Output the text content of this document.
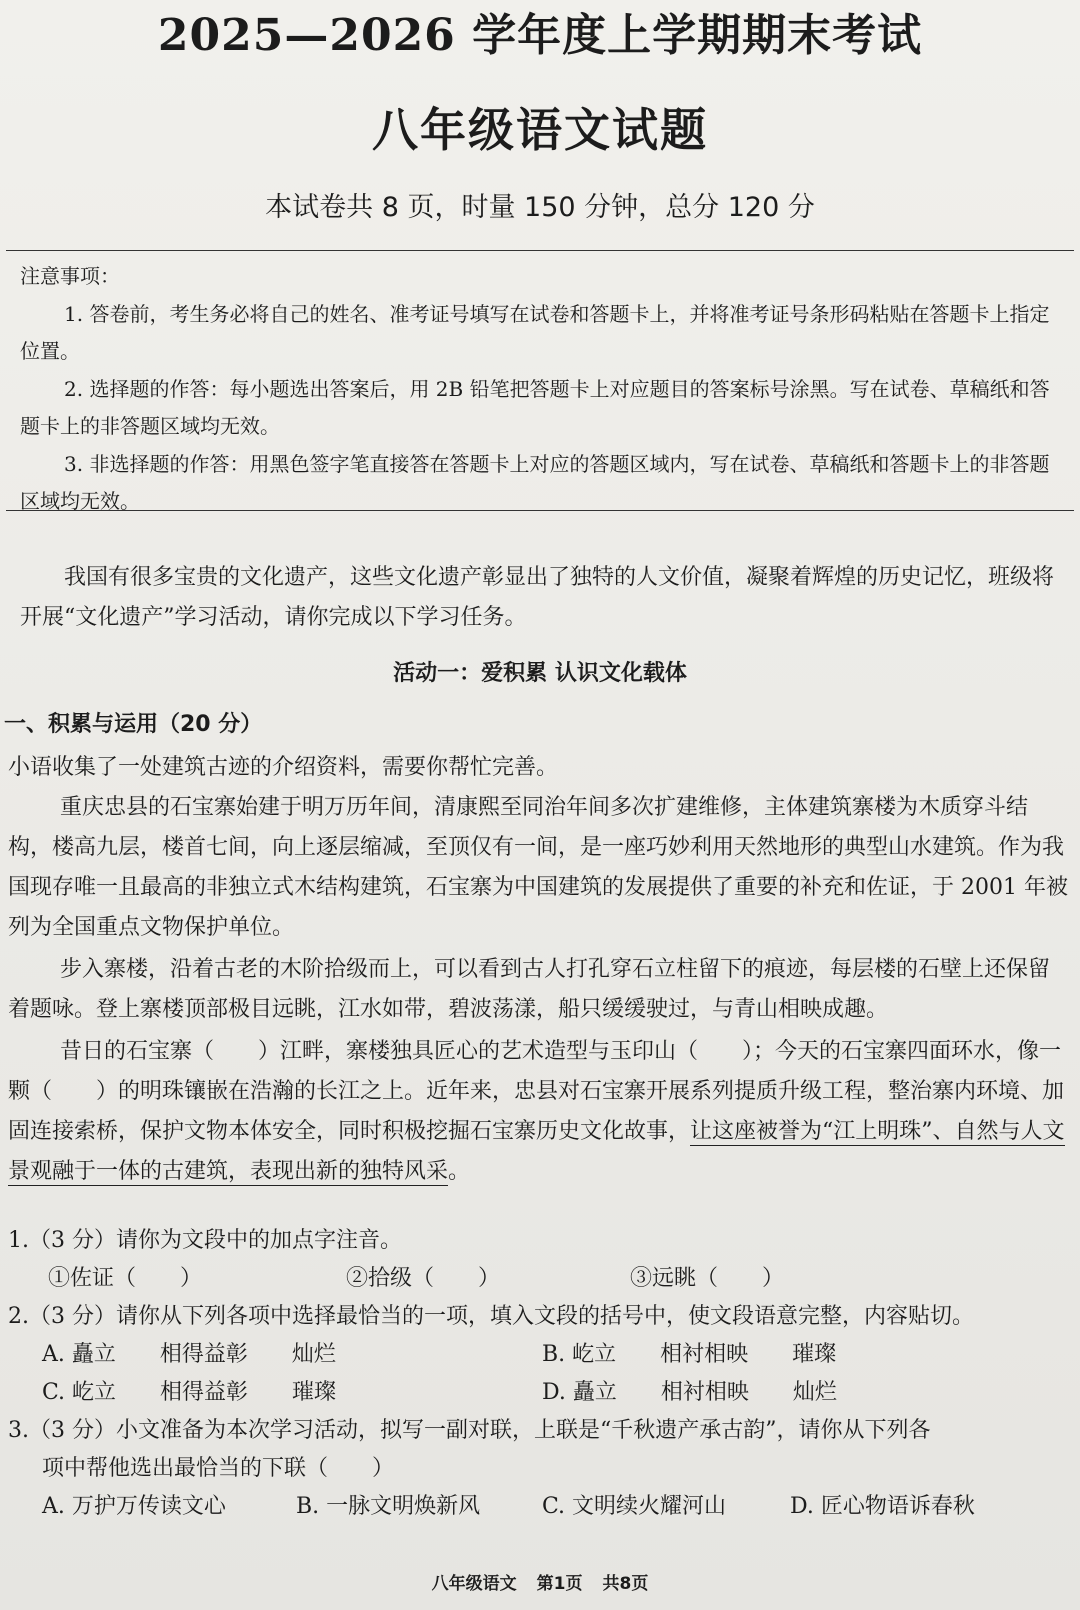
2025—2026 学年度上学期期末考试
八年级语文试题
本试卷共 8 页，时量 150 分钟，总分 120 分

注意事项：

1. 答卷前，考生务必将自己的姓名、准考证号填写在试卷和答题卡上，并将准考证号条形码粘贴在答题卡上指定位置。

2. 选择题的作答：每小题选出答案后，用 2B 铅笔把答题卡上对应题目的答案标号涂黑。写在试卷、草稿纸和答题卡上的非答题区域均无效。

3. 非选择题的作答：用黑色签字笔直接答在答题卡上对应的答题区域内，写在试卷、草稿纸和答题卡上的非答题区域均无效。

我国有很多宝贵的文化遗产，这些文化遗产彰显出了独特的人文价值，凝聚着辉煌的历史记忆，班级将开展“文化遗产”学习活动，请你完成以下学习任务。

活动一：爱积累 认识文化载体
一、积累与运用（20 分）

小语收集了一处建筑古迹的介绍资料，需要你帮忙完善。

重庆忠县的石宝寨始建于明万历年间，清康熙至同治年间多次扩建维修，主体建筑寨楼为木质穿斗结构，楼高九层，楼首七间，向上逐层缩减，至顶仅有一间，是一座巧妙利用天然地形的典型山水建筑。作为我国现存唯一且最高的非独立式木结构建筑，石宝寨为中国建筑的发展提供了重要的补充和佐证，于 2001 年被列为全国重点文物保护单位。

步入寨楼，沿着古老的木阶拾级而上，可以看到古人打孔穿石立柱留下的痕迹，每层楼的石壁上还保留着题咏。登上寨楼顶部极目远眺，江水如带，碧波荡漾，船只缓缓驶过，与青山相映成趣。

昔日的石宝寨（　　）江畔，寨楼独具匠心的艺术造型与玉印山（　　）；今天的石宝寨四面环水，像一颗（　　）的明珠镶嵌在浩瀚的长江之上。近年来，忠县对石宝寨开展系列提质升级工程，整治寨内环境、加固连接索桥，保护文物本体安全，同时积极挖掘石宝寨历史文化故事，让这座被誉为“江上明珠”、自然与人文景观融于一体的古建筑，表现出新的独特风采。

1.（3 分）请你为文段中的加点字注音。
①佐证（　　）	②拾级（　　）	③远眺（　　）
2.（3 分）请你从下列各项中选择最恰当的一项，填入文段的括号中，使文段语意完整，内容贴切。
A. 矗立　　相得益彰　　灿烂	B. 屹立　　相衬相映　　璀璨
C. 屹立　　相得益彰　　璀璨	D. 矗立　　相衬相映　　灿烂
3.（3 分）小文准备为本次学习活动，拟写一副对联，上联是“千秋遗产承古韵”，请你从下列各
项中帮他选出最恰当的下联（　　）
A. 万护万传读文心	B. 一脉文明焕新风	C. 文明续火耀河山	D. 匠心物语诉春秋
八年级语文 第1页 共8页
